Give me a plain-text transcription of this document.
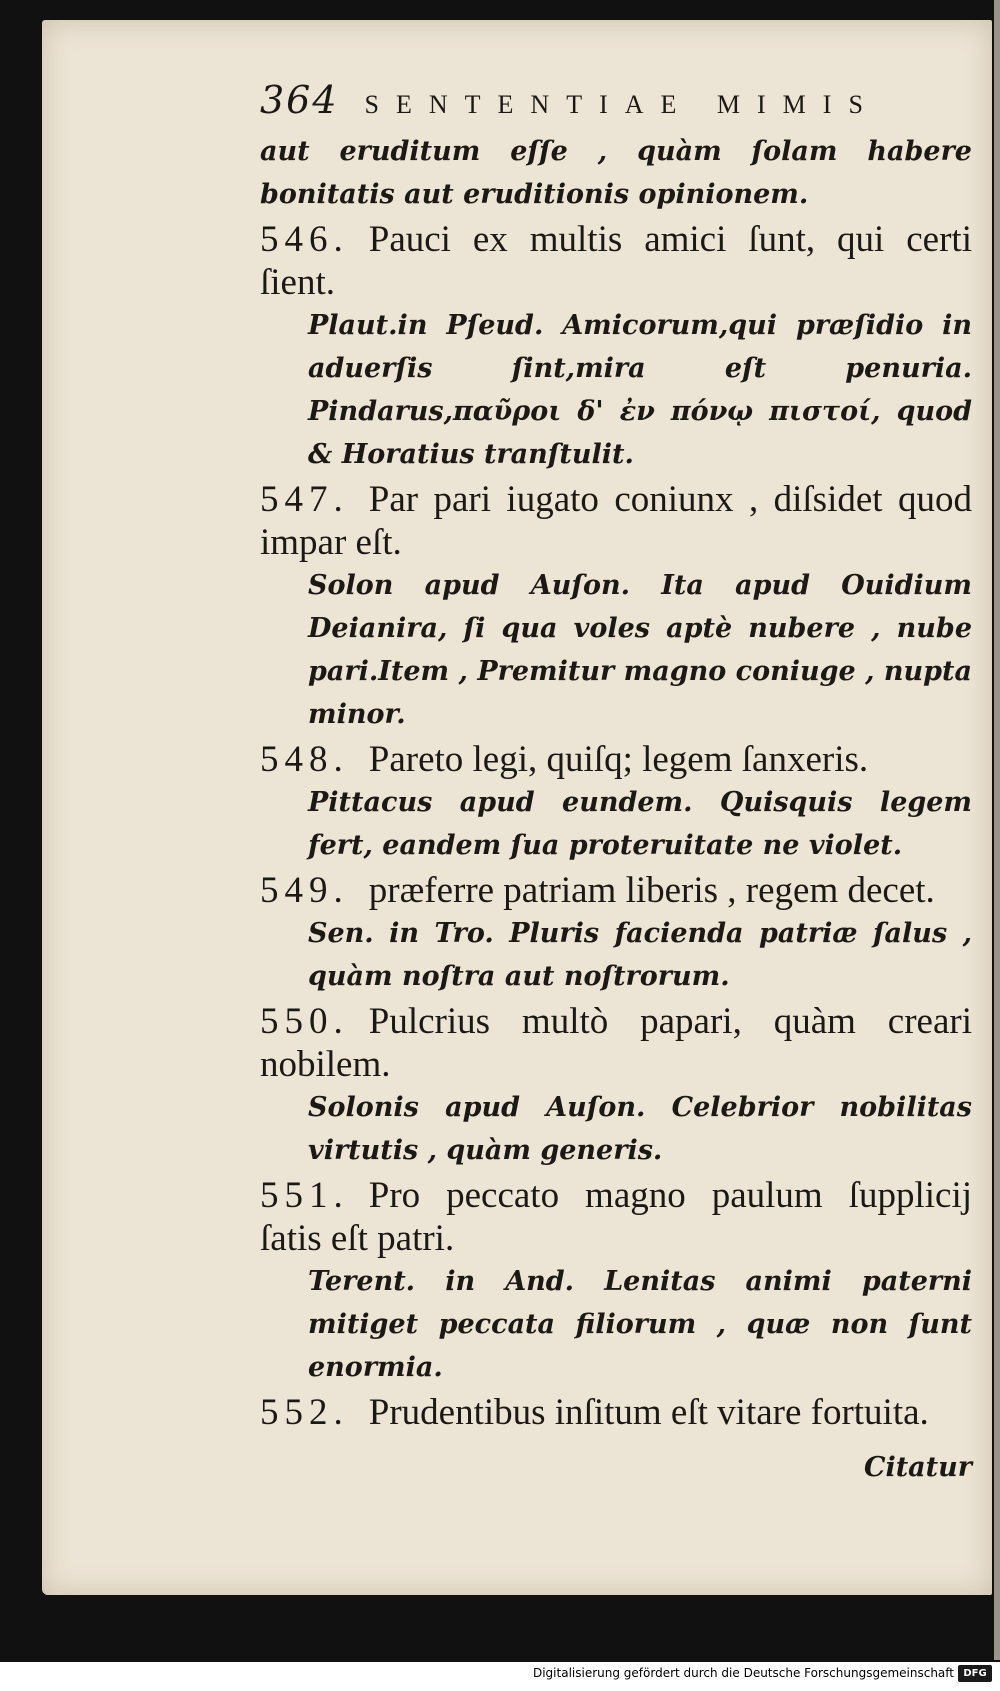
364 SENTENTIAE MIMIS
aut eruditum eſſe , quàm ſolam habere bonitatis aut eruditionis opinionem.
546. Pauci ex multis amici ſunt, qui certi ſient.
Plaut.in Pſeud. Amicorum,qui præſidio in aduerſis ſint,mira eſt penuria. Pindarus,παῦροι δ' ἐν πόνῳ πιστοί, quod & Horatius tranſtulit.
547. Par pari iugato coniunx , diſsidet quod impar eſt.
Solon apud Auſon. Ita apud Ouidium Deianira, ſi qua voles aptè nubere , nube pari.Item , Premitur magno coniuge , nupta minor.
548. Pareto legi, quiſq; legem ſanxeris.
Pittacus apud eundem. Quisquis legem fert, eandem ſua proteruitate ne violet.
549. præferre patriam liberis , regem decet.
Sen. in Tro. Pluris facienda patriæ ſalus , quàm noſtra aut noſtrorum.
550. Pulcrius multò papari, quàm creari nobilem.
Solonis apud Auſon. Celebrior nobilitas virtutis , quàm generis.
551. Pro peccato magno paulum ſupplicij ſatis eſt patri.
Terent. in And. Lenitas animi paterni mitiget peccata filiorum , quæ non ſunt enormia.
552. Prudentibus inſitum eſt vitare fortuita.
Citatur
Digitalisierung gefördert durch die Deutsche Forschungsgemeinschaft DFG
